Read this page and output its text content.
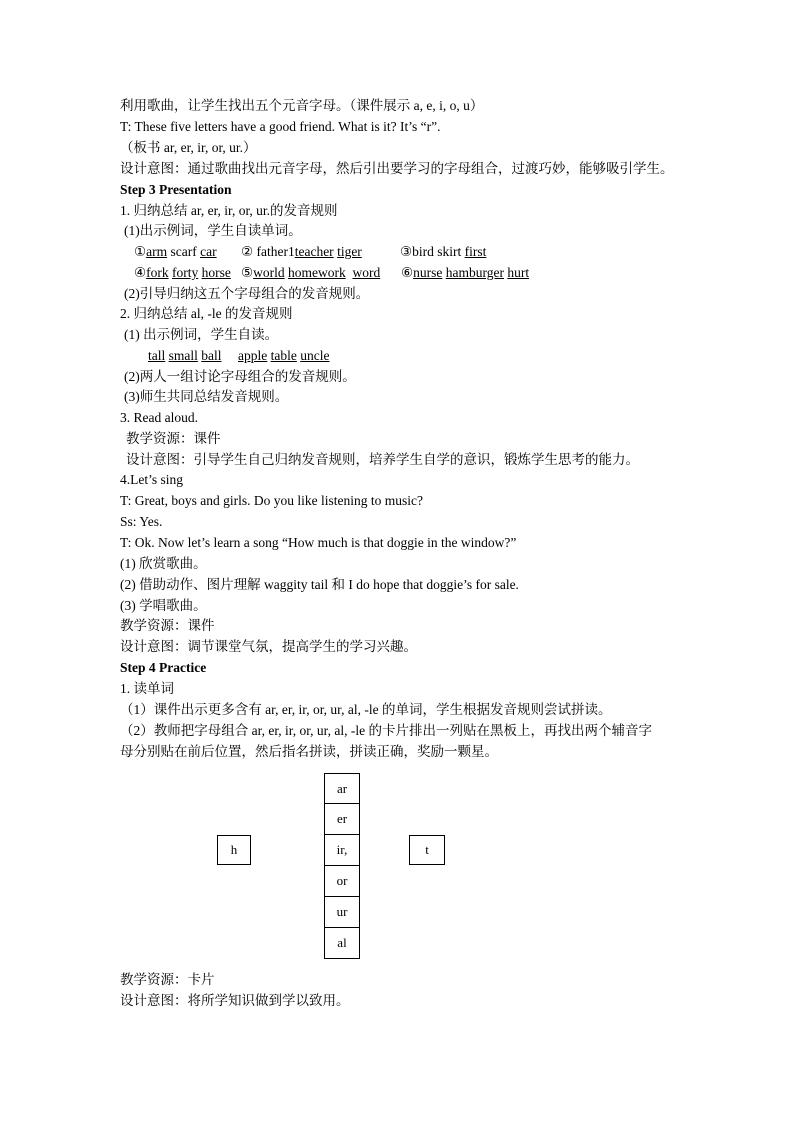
利用歌曲，让学生找出五个元音字母。（课件展示 a, e, i, o, u）
T: These five letters have a good friend. What is it? It’s “r”.
（板书 ar, er, ir, or, ur.）
设计意图：通过歌曲找出元音字母，然后引出要学习的字母组合，过渡巧妙，能够吸引学生。
Step 3 Presentation
1. 归纳总结 ar, er, ir, or, ur.的发音规则
(1)出示例词，学生自读单词。
①arm scarf car ② father1teacher tiger	③bird skirt first
④fork forty horse ⑤world homework word ⑥nurse hamburger hurt
(2)引导归纳这五个字母组合的发音规则。
2. 归纳总结 al, -le 的发音规则
(1) 出示例词，学生自读。
tall small ball apple table uncle
(2)两人一组讨论字母组合的发音规则。
(3)师生共同总结发音规则。
3. Read aloud.
教学资源：课件
设计意图：引导学生自己归纳发音规则，培养学生自学的意识，锻炼学生思考的能力。
4.Let’s sing
T: Great, boys and girls. Do you like listening to music?
Ss: Yes.
T: Ok. Now let’s learn a song “How much is that doggie in the window?”
(1) 欣赏歌曲。
(2) 借助动作、图片理解 waggity tail 和 I do hope that doggie’s for sale.
(3) 学唱歌曲。
教学资源：课件
设计意图：调节课堂气氛，提高学生的学习兴趣。
Step 4 Practice
1. 读单词
（1）课件出示更多含有 ar, er, ir, or, ur, al, -le 的单词，学生根据发音规则尝试拼读。
（2）教师把字母组合 ar, er, ir, or, ur, al, -le 的卡片排出一列贴在黑板上，再找出两个辅音字
母分别贴在前后位置，然后指名拼读，拼读正确，奖励一颗星。
h
ar
er
ir,
or
ur
al
t
教学资源：卡片
设计意图：将所学知识做到学以致用。
